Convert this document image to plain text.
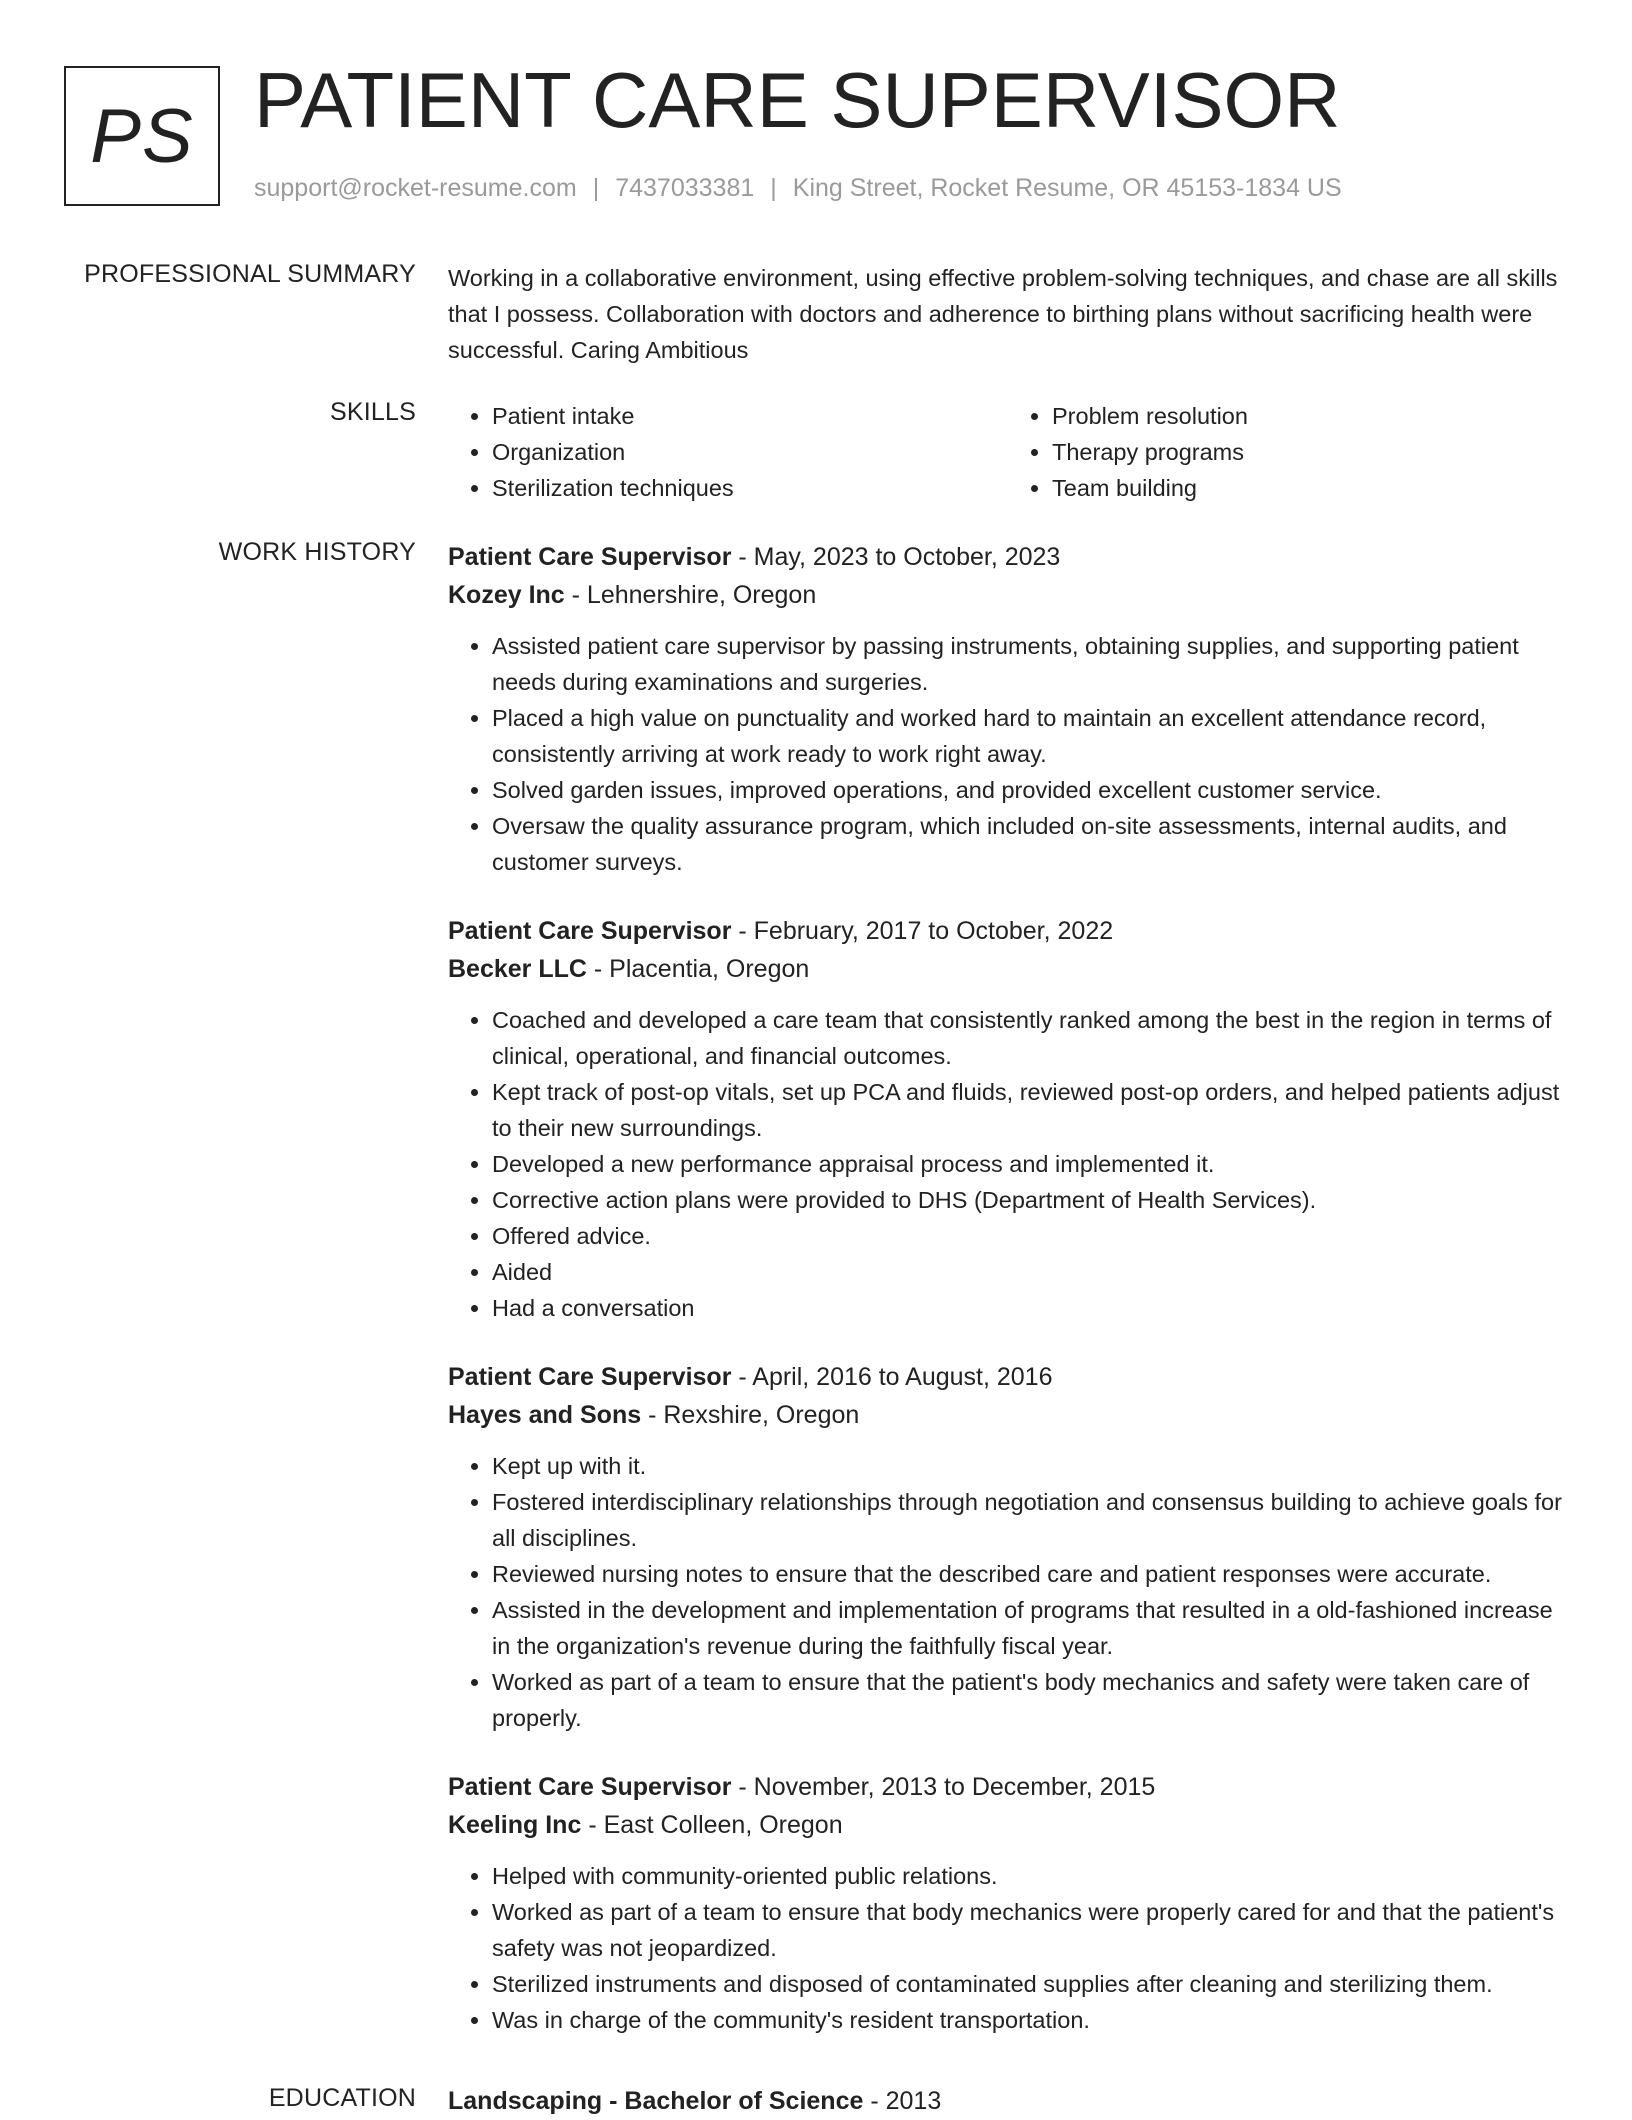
PS PATIENT CARE SUPERVISOR
support@rocket-resume.com | 7437033381 | King Street, Rocket Resume, OR 45153-1834 US
PROFESSIONAL SUMMARY Working in a collaborative environment, using effective problem-solving techniques, and chase are all skills that I possess. Collaboration with doctors and adherence to birthing plans without sacrificing health were successful. Caring Ambitious

SKILLS
•	Patient intake
• Organization
• Sterilization techniques
• Problem resolution
• Therapy programs
• Team building
WORK HISTORY Patient Care Supervisor - May, 2023 to October, 2023
Kozey Inc - Lehnershire, Oregon
• Assisted patient care supervisor by passing instruments, obtaining supplies, and supporting patient needs during examinations and surgeries.
• Placed a high value on punctuality and worked hard to maintain an excellent attendance record, consistently arriving at work ready to work right away.
• Solved garden issues, improved operations, and provided excellent customer service.
• Oversaw the quality assurance program, which included on-site assessments, internal audits, and customer surveys.
Patient Care Supervisor - February, 2017 to October, 2022
Becker LLC - Placentia, Oregon
• Coached and developed a care team that consistently ranked among the best in the region in terms of clinical, operational, and financial outcomes.
• Kept track of post-op vitals, set up PCA and fluids, reviewed post-op orders, and helped patients adjust to their new surroundings.
• Developed a new performance appraisal process and implemented it.
• Corrective action plans were provided to DHS (Department of Health Services).
• Offered advice.
• Aided
• Had a conversation
Patient Care Supervisor - April, 2016 to August, 2016
Hayes and Sons - Rexshire, Oregon
• Kept up with it.
• Fostered interdisciplinary relationships through negotiation and consensus building to achieve goals for all disciplines.
• Reviewed nursing notes to ensure that the described care and patient responses were accurate.
• Assisted in the development and implementation of programs that resulted in a old-fashioned increase in the organization's revenue during the faithfully fiscal year.
• Worked as part of a team to ensure that the patient's body mechanics and safety were taken care of properly.
Patient Care Supervisor - November, 2013 to December, 2015
Keeling Inc - East Colleen, Oregon
• Helped with community-oriented public relations.
• Worked as part of a team to ensure that body mechanics were properly cared for and that the patient's safety was not jeopardized.
• Sterilized instruments and disposed of contaminated supplies after cleaning and sterilizing them.
• Was in charge of the community's resident transportation.
EDUCATION Landscaping - Bachelor of Science - 2013
